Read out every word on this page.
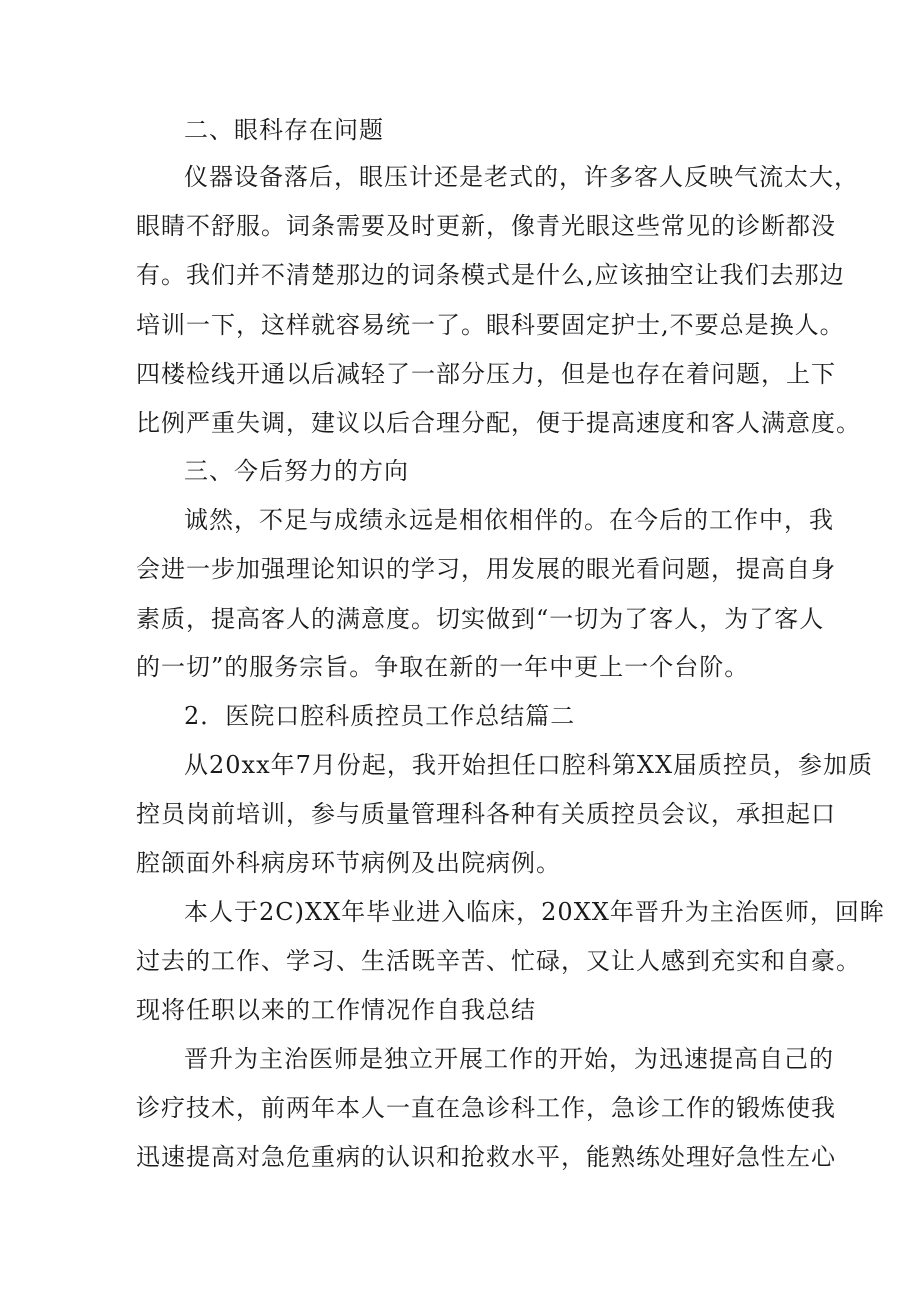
二、眼科存在问题
仪器设备落后，眼压计还是老式的，许多客人反映气流太大，
眼睛不舒服。词条需要及时更新，像青光眼这些常见的诊断都没
有。我们并不清楚那边的词条模式是什么,应该抽空让我们去那边
培训一下，这样就容易统一了。眼科要固定护士,不要总是换人。
四楼检线开通以后减轻了一部分压力，但是也存在着问题，上下
比例严重失调，建议以后合理分配，便于提高速度和客人满意度。
三、今后努力的方向
诚然，不足与成绩永远是相依相伴的。在今后的工作中，我
会进一步加强理论知识的学习，用发展的眼光看问题，提高自身
素质，提高客人的满意度。切实做到“一切为了客人，为了客人
的一切”的服务宗旨。争取在新的一年中更上一个台阶。
2．医院口腔科质控员工作总结篇二
从20xx年7月份起，我开始担任口腔科第XX届质控员，参加质
控员岗前培训，参与质量管理科各种有关质控员会议，承担起口
腔颌面外科病房环节病例及出院病例。
本人于2C)XX年毕业进入临床，20XX年晋升为主治医师，回眸
过去的工作、学习、生活既辛苦、忙碌，又让人感到充实和自豪。
现将任职以来的工作情况作自我总结
晋升为主治医师是独立开展工作的开始，为迅速提高自己的
诊疗技术，前两年本人一直在急诊科工作，急诊工作的锻炼使我
迅速提高对急危重病的认识和抢救水平，能熟练处理好急性左心
